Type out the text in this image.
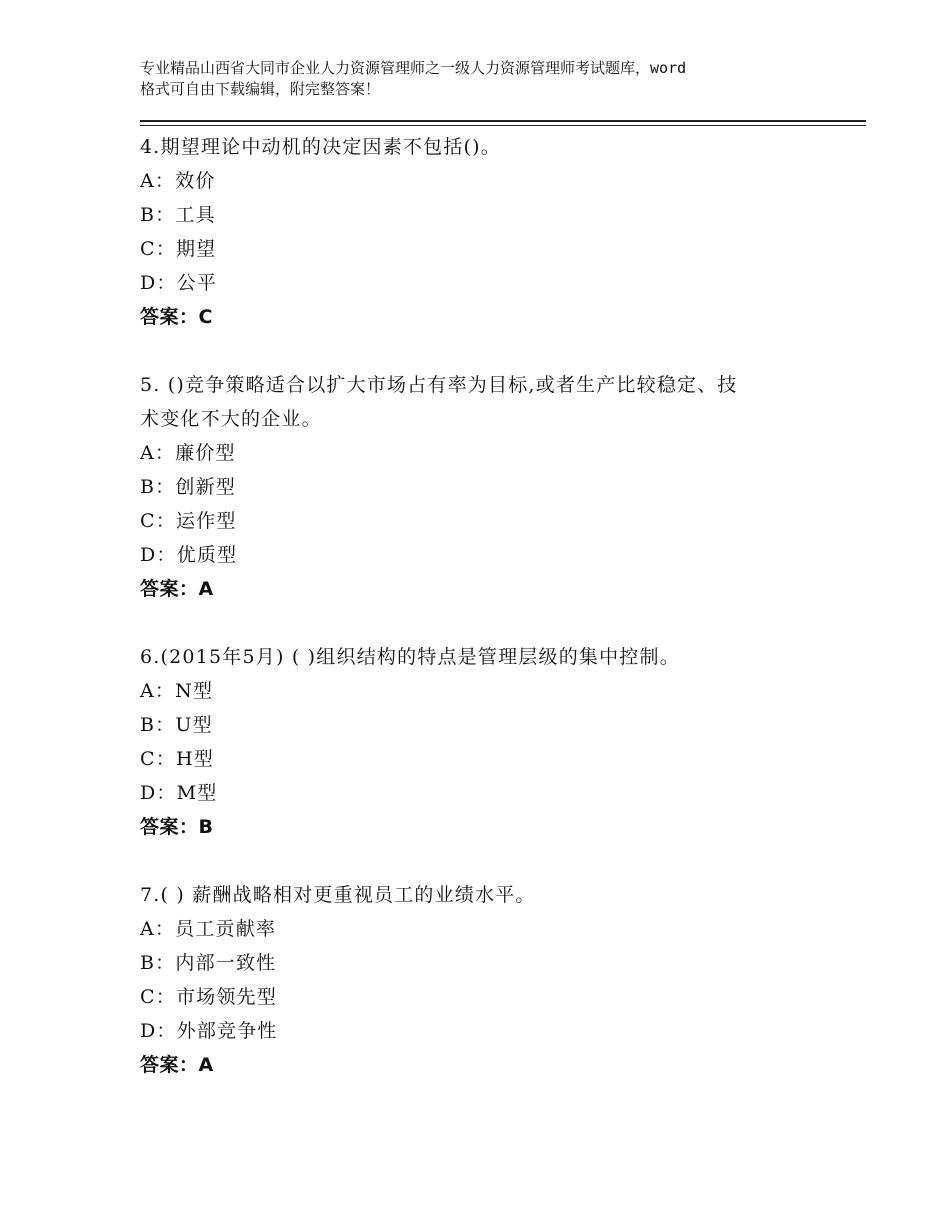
专业精品山西省大同市企业人力资源管理师之一级人力资源管理师考试题库，word
格式可自由下载编辑，附完整答案！
4.期望理论中动机的决定因素不包括()。
A：效价
B：工具
C：期望
D：公平
答案：C
5. ()竞争策略适合以扩大市场占有率为目标,或者生产比较稳定、技
术变化不大的企业。
A：廉价型
B：创新型
C：运作型
D：优质型
答案：A
6.(2015年5月) ( )组织结构的特点是管理层级的集中控制。
A：N型
B：U型
C：H型
D：M型
答案：B
7.( ) 薪酬战略相对更重视员工的业绩水平。
A：员工贡献率
B：内部一致性
C：市场领先型
D：外部竞争性
答案：A
